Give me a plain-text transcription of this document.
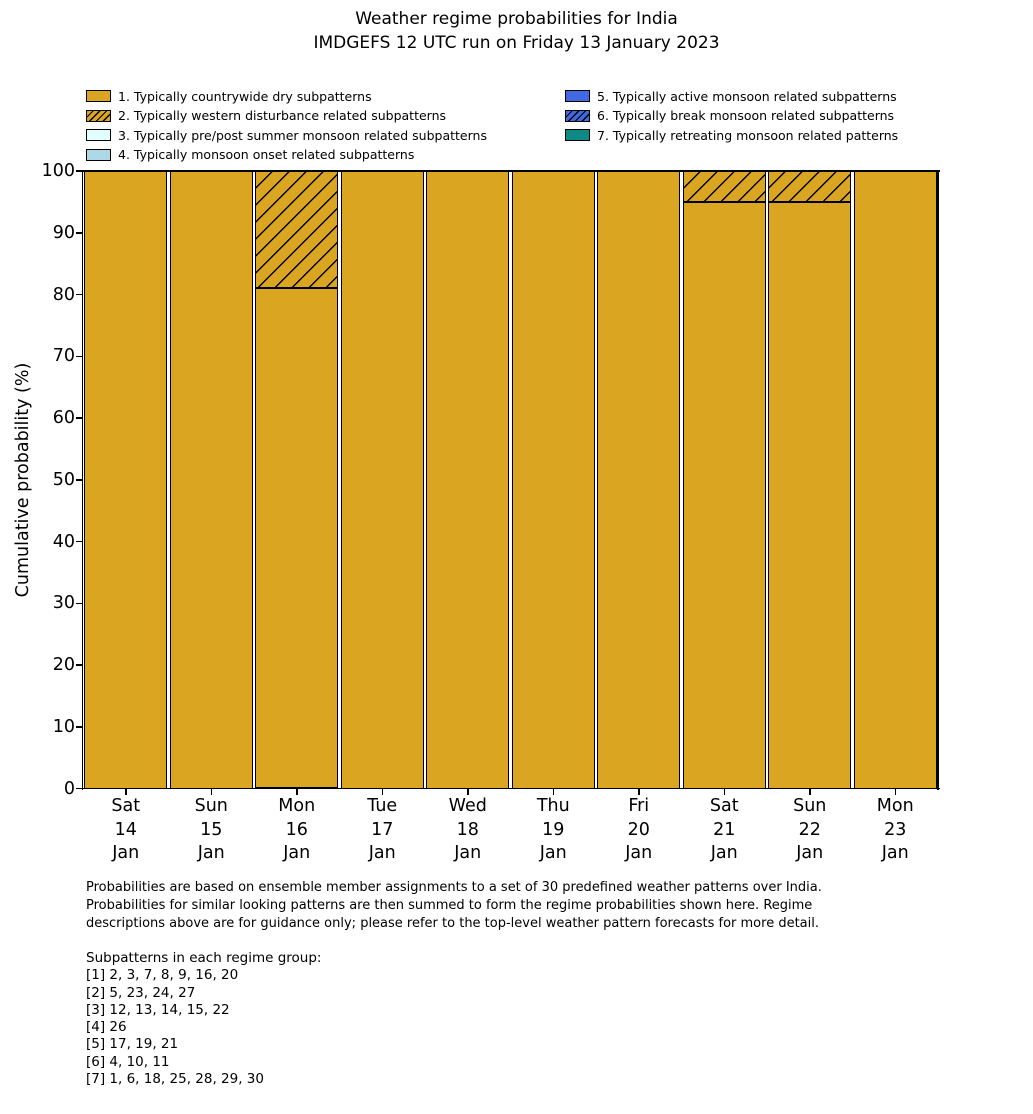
Weather regime probabilities for India
IMDGEFS 12 UTC run on Friday 13 January 2023
1. Typically countrywide dry subpatterns
2. Typically western disturbance related subpatterns
3. Typically pre/post summer monsoon related subpatterns
4. Typically monsoon onset related subpatterns
5. Typically active monsoon related subpatterns
6. Typically break monsoon related subpatterns
7. Typically retreating monsoon related patterns
Cumulative probability (%)
0
10
20
30
40
50
60
70
80
90
100
Sat
14
Jan
Sun
15
Jan
Mon
16
Jan
Tue
17
Jan
Wed
18
Jan
Thu
19
Jan
Fri
20
Jan
Sat
21
Jan
Sun
22
Jan
Mon
23
Jan
Probabilities are based on ensemble member assignments to a set of 30 predefined weather patterns over India.
Probabilities for similar looking patterns are then summed to form the regime probabilities shown here. Regime
descriptions above are for guidance only; please refer to the top-level weather pattern forecasts for more detail.
Subpatterns in each regime group:
[1] 2, 3, 7, 8, 9, 16, 20
[2] 5, 23, 24, 27
[3] 12, 13, 14, 15, 22
[4] 26
[5] 17, 19, 21
[6] 4, 10, 11
[7] 1, 6, 18, 25, 28, 29, 30
